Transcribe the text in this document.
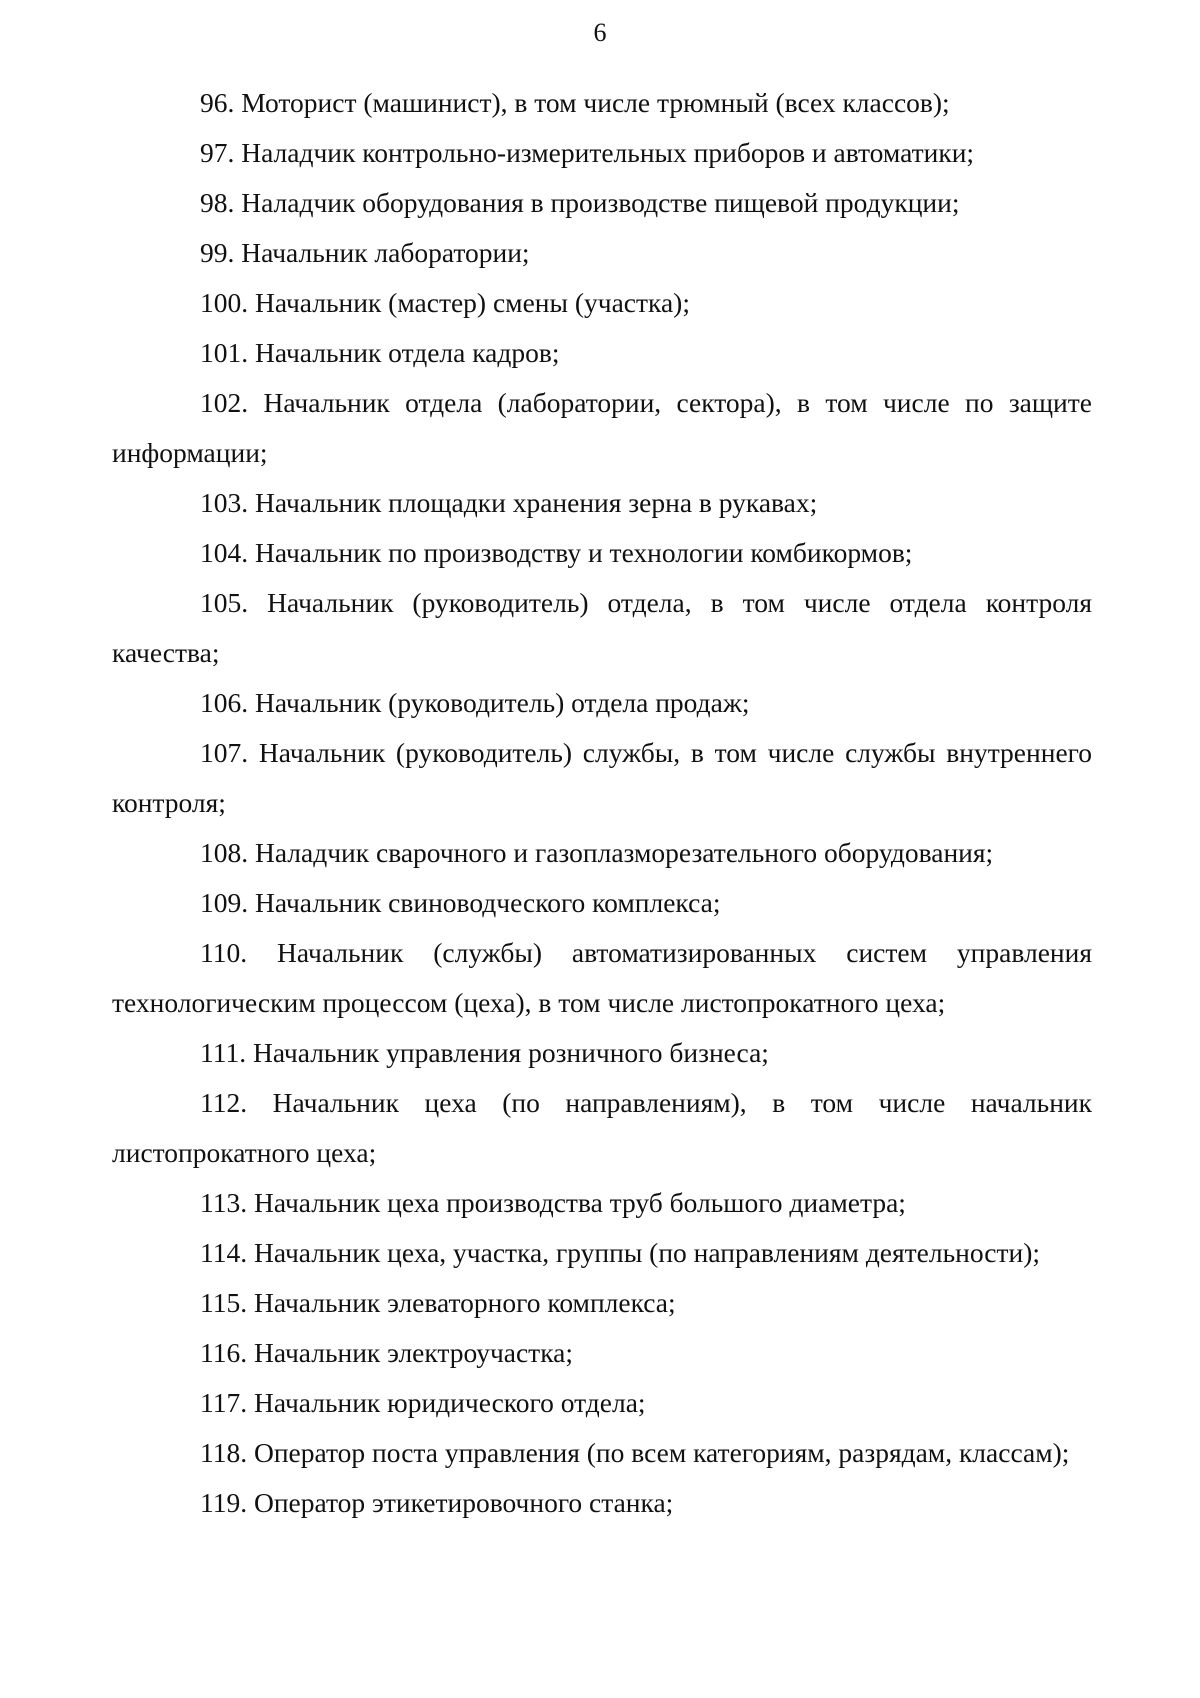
6

96. Моторист (машинист), в том числе трюмный (всех классов);

97. Наладчик контрольно-измерительных приборов и автоматики;

98. Наладчик оборудования в производстве пищевой продукции;

99. Начальник лаборатории;

100. Начальник (мастер) смены (участка);

101. Начальник отдела кадров;

102. Начальник отдела (лаборатории, сектора), в том числе по защите информации;

103. Начальник площадки хранения зерна в рукавах;

104. Начальник по производству и технологии комбикормов;

105. Начальник (руководитель) отдела, в том числе отдела контроля качества;

106. Начальник (руководитель) отдела продаж;

107. Начальник (руководитель) службы, в том числе службы внутреннего контроля;

108. Наладчик сварочного и газоплазморезательного оборудования;

109. Начальник свиноводческого комплекса;

110. Начальник (службы) автоматизированных систем управления технологическим процессом (цеха), в том числе листопрокатного цеха;

111. Начальник управления розничного бизнеса;

112. Начальник цеха (по направлениям), в том числе начальник листопрокатного цеха;

113. Начальник цеха производства труб большого диаметра;

114. Начальник цеха, участка, группы (по направлениям деятельности);

115. Начальник элеваторного комплекса;

116. Начальник электроучастка;

117. Начальник юридического отдела;

118. Оператор поста управления (по всем категориям, разрядам, классам);

119. Оператор этикетировочного станка;
